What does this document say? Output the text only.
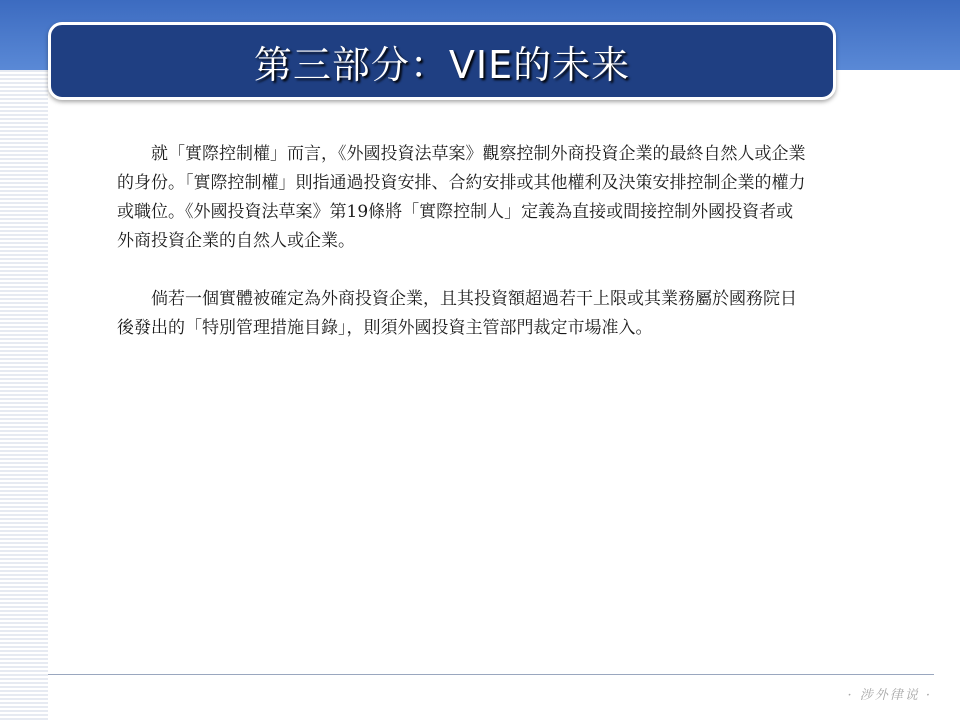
第三部分：VIE的未来

就「實際控制權」而言，《外國投資法草案》觀察控制外商投資企業的最終自然人或企業的身份。「實際控制權」則指通過投資安排、合約安排或其他權利及決策安排控制企業的權力或職位。《外國投資法草案》第19條將「實際控制人」定義為直接或間接控制外國投資者或外商投資企業的自然人或企業。

倘若一個實體被確定為外商投資企業，且其投資額超過若干上限或其業務屬於國務院日後發出的「特別管理措施目錄」，則須外國投資主管部門裁定市場准入。

· 涉外律说 ·
